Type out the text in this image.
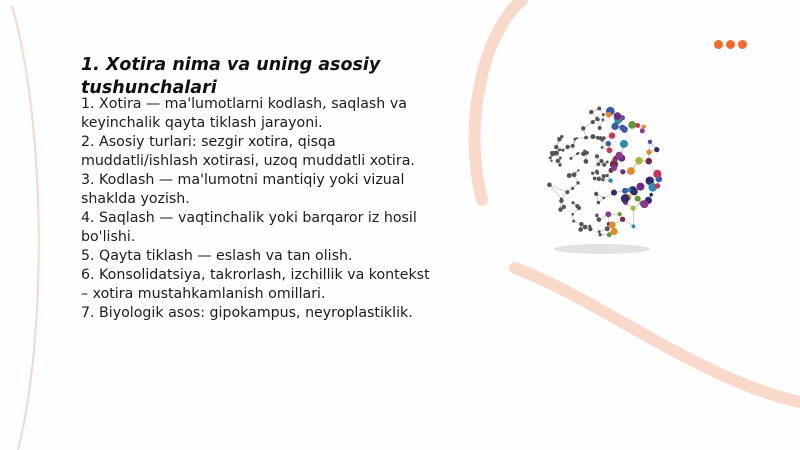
1. Xotira nima va uning asosiy tushunchalari
1. Xotira — ma'lumotlarni kodlash, saqlash va keyinchalik qayta tiklash jarayoni.
2. Asosiy turlari: sezgir xotira, qisqa muddatli/ishlash xotirasi, uzoq muddatli xotira.
3. Kodlash — ma'lumotni mantiqiy yoki vizual shaklda yozish.
4. Saqlash — vaqtinchalik yoki barqaror iz hosil bo'lishi.
5. Qayta tiklash — eslash va tan olish.
6. Konsolidatsiya, takrorlash, izchillik va kontekst – xotira mustahkamlanish omillari.
7. Biyologik asos: gipokampus, neyroplastiklik.
